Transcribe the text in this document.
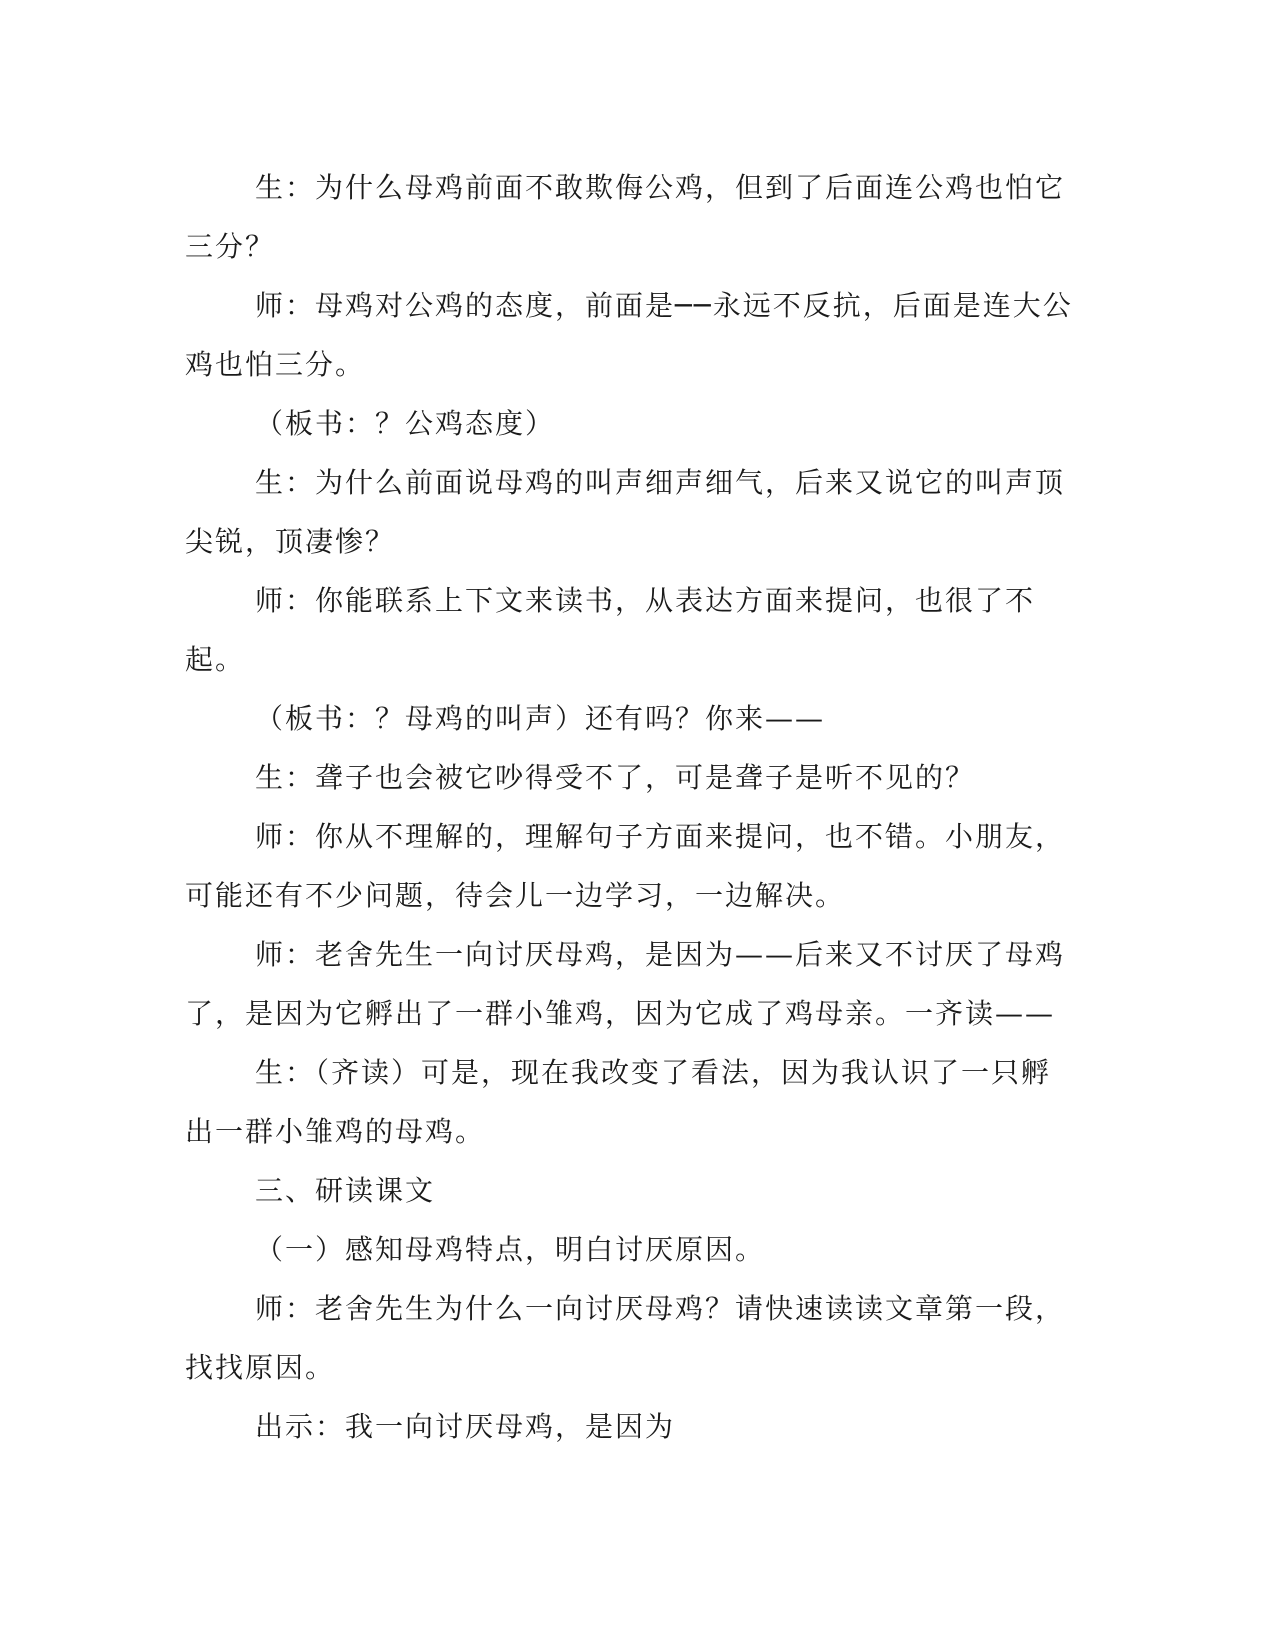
生：为什么母鸡前面不敢欺侮公鸡，但到了后面连公鸡也怕它三分？

师：母鸡对公鸡的态度，前面是──永远不反抗，后面是连大公鸡也怕三分。

（板书：？公鸡态度）

生：为什么前面说母鸡的叫声细声细气，后来又说它的叫声顶尖锐，顶凄惨？

师：你能联系上下文来读书，从表达方面来提问，也很了不起。

（板书：？母鸡的叫声）还有吗？你来——

生：聋子也会被它吵得受不了，可是聋子是听不见的？

师：你从不理解的，理解句子方面来提问，也不错。小朋友，可能还有不少问题，待会儿一边学习，一边解决。

师：老舍先生一向讨厌母鸡，是因为——后来又不讨厌了母鸡了，是因为它孵出了一群小雏鸡，因为它成了鸡母亲。一齐读——

生：（齐读）可是，现在我改变了看法，因为我认识了一只孵出一群小雏鸡的母鸡。

三、研读课文

（一）感知母鸡特点，明白讨厌原因。

师：老舍先生为什么一向讨厌母鸡？请快速读读文章第一段，找找原因。

出示：我一向讨厌母鸡，是因为
